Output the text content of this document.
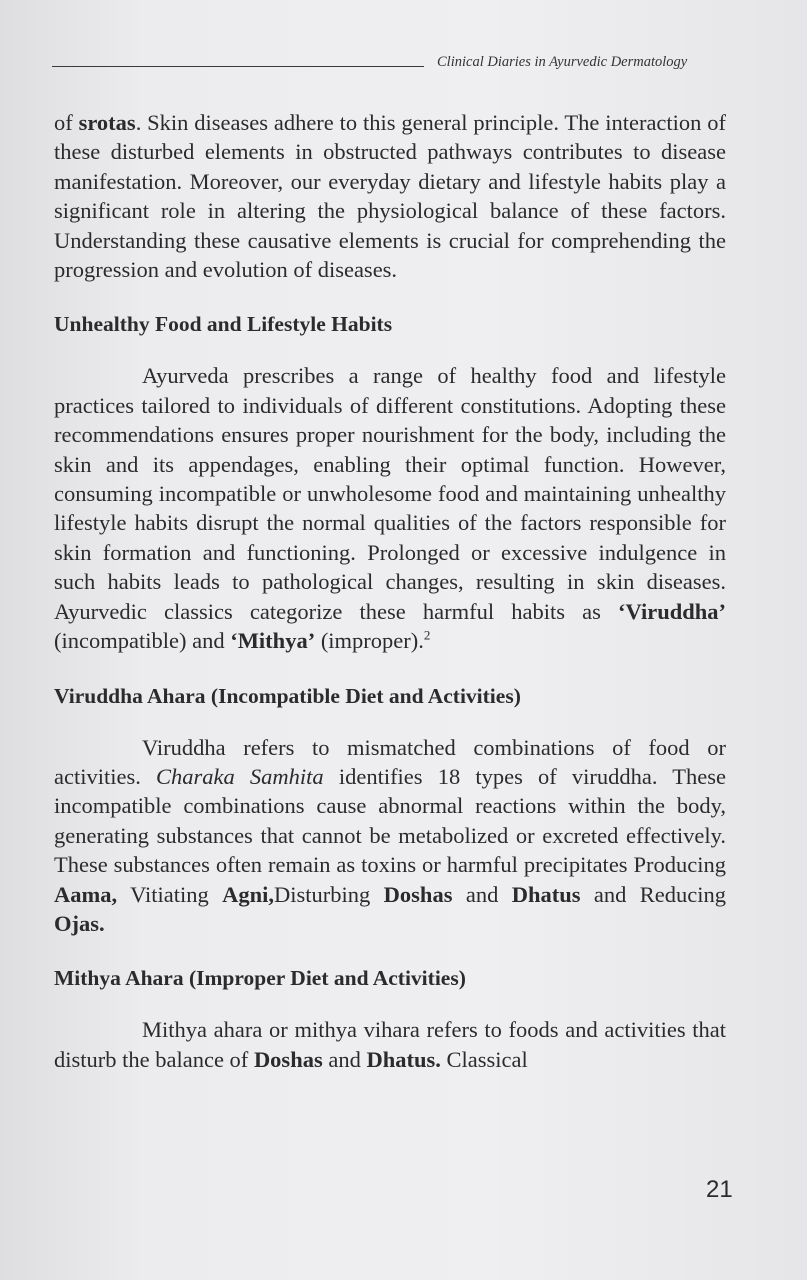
Clinical Diaries in Ayurvedic Dermatology

of srotas. Skin diseases adhere to this general principle. The interaction of these disturbed elements in obstructed pathways contributes to disease manifestation. Moreover, our everyday dietary and lifestyle habits play a significant role in altering the physiological balance of these factors. Understanding these causative elements is crucial for comprehending the progression and evolution of diseases.

Unhealthy Food and Lifestyle Habits

Ayurveda prescribes a range of healthy food and lifestyle practices tailored to individuals of different constitutions. Adopting these recommendations ensures proper nourishment for the body, including the skin and its appendages, enabling their optimal function. However, consuming incompatible or unwholesome food and maintaining unhealthy lifestyle habits disrupt the normal qualities of the factors responsible for skin formation and functioning. Prolonged or excessive indulgence in such habits leads to pathological changes, resulting in skin diseases. Ayurvedic classics categorize these harmful habits as ‘Viruddha’ (incompatible) and ‘Mithya’ (improper).$^2$

Viruddha Ahara (Incompatible Diet and Activities)

Viruddha refers to mismatched combinations of food or activities. Charaka Samhita identifies 18 types of viruddha. These incompatible combinations cause abnormal reactions within the body, generating substances that cannot be metabolized or excreted effectively. These substances often remain as toxins or harmful precipitates Producing Aama, Vitiating Agni,Disturbing Doshas and Dhatus and Reducing Ojas.

Mithya Ahara (Improper Diet and Activities)

Mithya ahara or mithya vihara refers to foods and activities that disturb the balance of Doshas and Dhatus. Classical

21
